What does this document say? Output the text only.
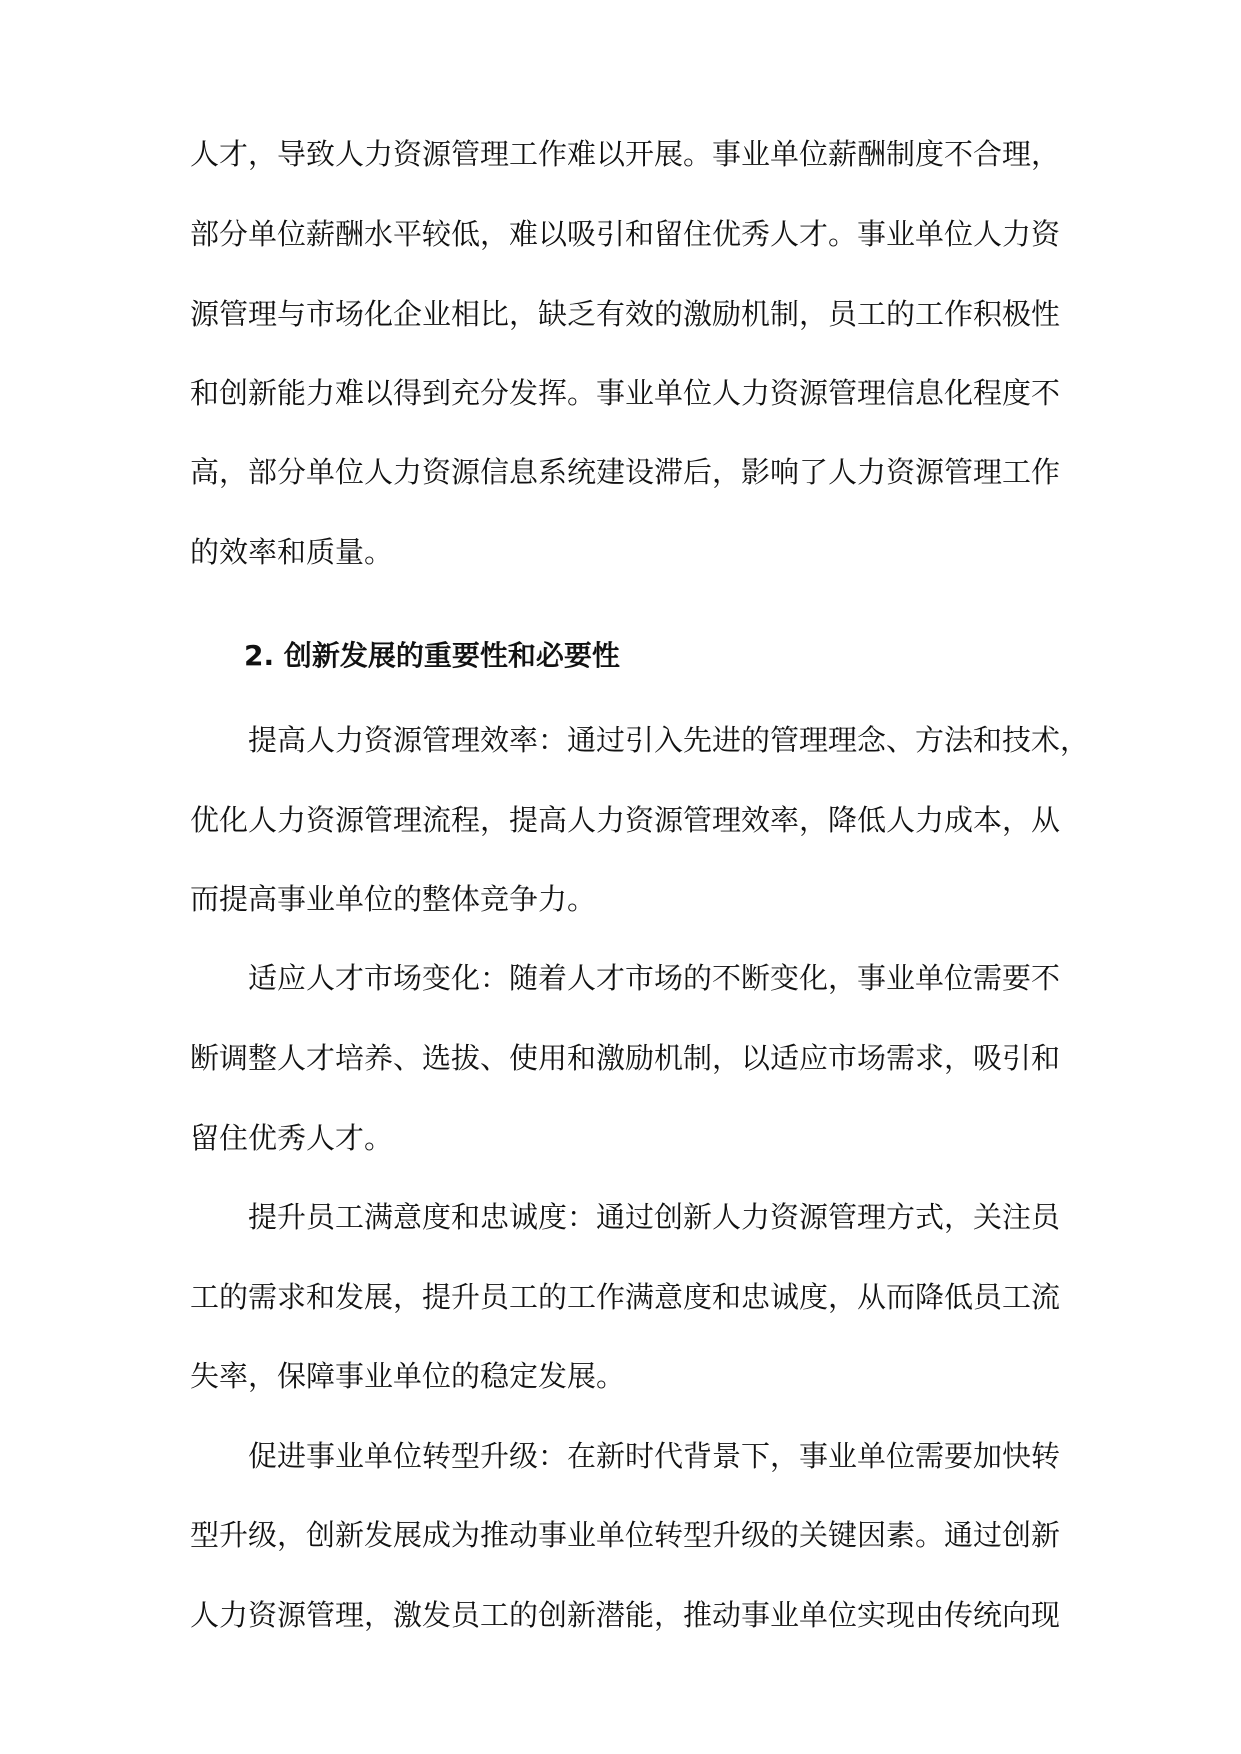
人才，导致人力资源管理工作难以开展。事业单位薪酬制度不合理，
部分单位薪酬水平较低，难以吸引和留住优秀人才。事业单位人力资
源管理与市场化企业相比，缺乏有效的激励机制，员工的工作积极性
和创新能力难以得到充分发挥。事业单位人力资源管理信息化程度不
高，部分单位人力资源信息系统建设滞后，影响了人力资源管理工作
的效率和质量。
2. 创新发展的重要性和必要性
提高人力资源管理效率：通过引入先进的管理理念、方法和技术，
优化人力资源管理流程，提高人力资源管理效率，降低人力成本，从
而提高事业单位的整体竞争力。
适应人才市场变化：随着人才市场的不断变化，事业单位需要不
断调整人才培养、选拔、使用和激励机制，以适应市场需求，吸引和
留住优秀人才。
提升员工满意度和忠诚度：通过创新人力资源管理方式，关注员
工的需求和发展，提升员工的工作满意度和忠诚度，从而降低员工流
失率，保障事业单位的稳定发展。
促进事业单位转型升级：在新时代背景下，事业单位需要加快转
型升级，创新发展成为推动事业单位转型升级的关键因素。通过创新
人力资源管理，激发员工的创新潜能，推动事业单位实现由传统向现
